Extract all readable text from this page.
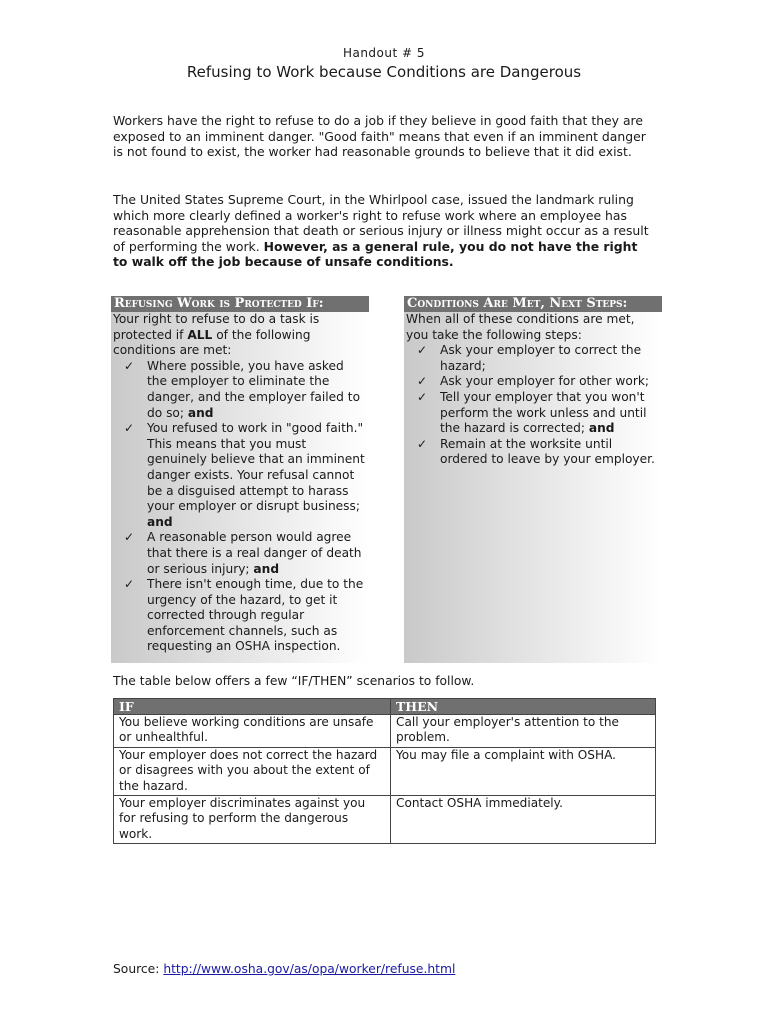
Handout # 5
Refusing to Work because Conditions are Dangerous

Workers have the right to refuse to do a job if they believe in good faith that they are exposed to an imminent danger. "Good faith" means that even if an imminent danger is not found to exist, the worker had reasonable grounds to believe that it did exist.

The United States Supreme Court, in the Whirlpool case, issued the landmark ruling which more clearly defined a worker's right to refuse work where an employee has reasonable apprehension that death or serious injury or illness might occur as a result of performing the work. However, as a general rule, you do not have the right to walk off the job because of unsafe conditions.

Refusing Work is Protected If:
Your right to refuse to do a task is protected if ALL of the following conditions are met:
✓ Where possible, you have asked the employer to eliminate the danger, and the employer failed to do so; and
✓ You refused to work in "good faith." This means that you must genuinely believe that an imminent danger exists. Your refusal cannot be a disguised attempt to harass your employer or disrupt business; and
✓ A reasonable person would agree that there is a real danger of death or serious injury; and
✓ There isn't enough time, due to the urgency of the hazard, to get it corrected through regular enforcement channels, such as requesting an OSHA inspection.
Conditions Are Met, Next Steps:
When all of these conditions are met, you take the following steps:
✓ Ask your employer to correct the hazard;
✓ Ask your employer for other work;
✓ Tell your employer that you won't perform the work unless and until the hazard is corrected; and
✓ Remain at the worksite until ordered to leave by your employer.
The table below offers a few “IF/THEN” scenarios to follow.
IF	THEN
You believe working conditions are unsafe or unhealthful.	Call your employer's attention to the problem.
Your employer does not correct the hazard or disagrees with you about the extent of the hazard.	You may file a complaint with OSHA.
Your employer discriminates against you for refusing to perform the dangerous work.	Contact OSHA immediately.
Source: http://www.osha.gov/as/opa/worker/refuse.html
